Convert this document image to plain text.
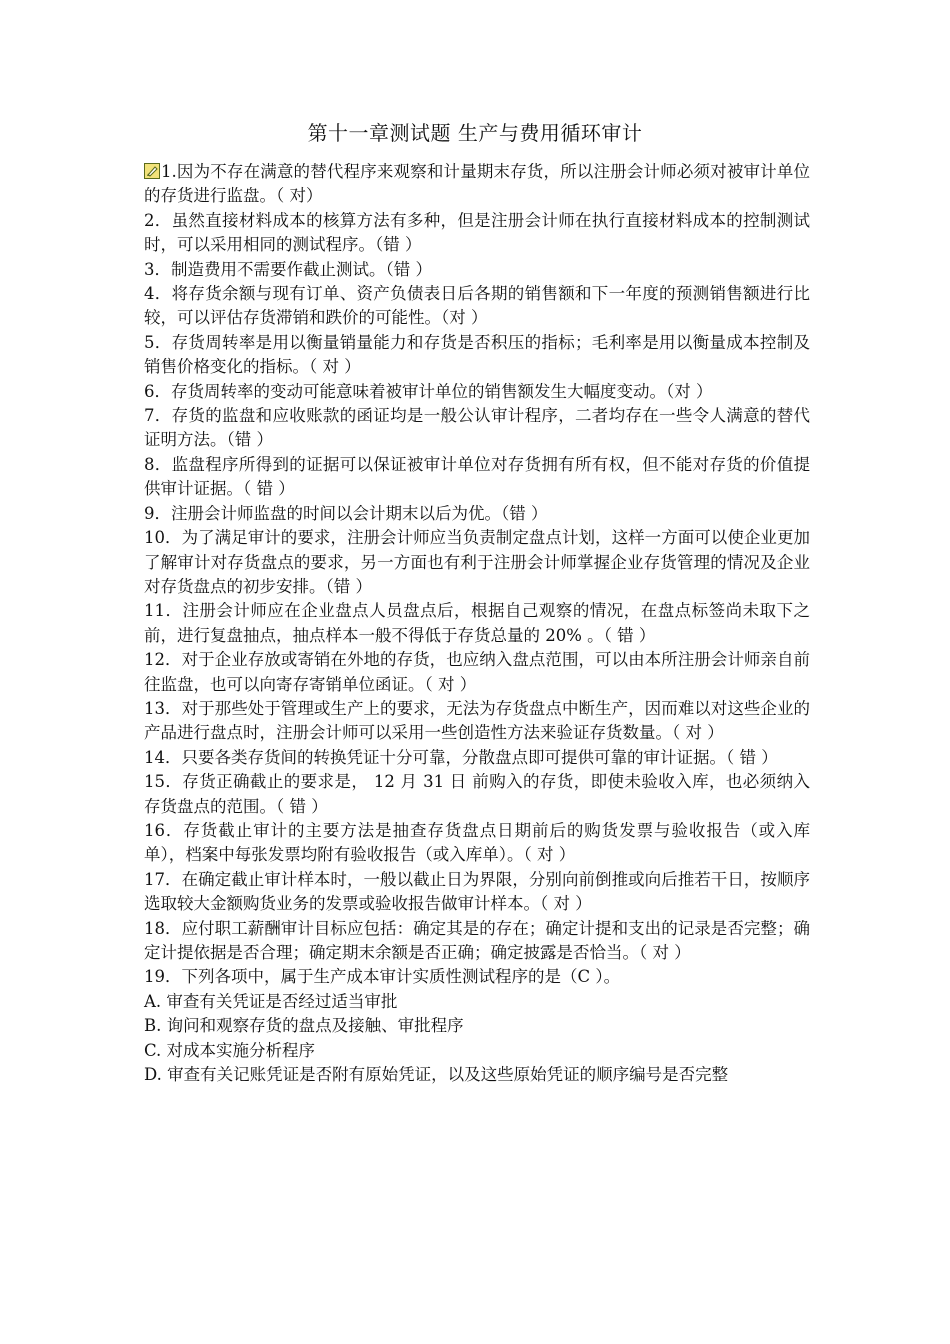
第十一章测试题 生产与费用循环审计

1.因为不存在满意的替代程序来观察和计量期末存货，所以注册会计师必须对被审计单位的存货进行监盘。（ 对）

2．虽然直接材料成本的核算方法有多种，但是注册会计师在执行直接材料成本的控制测试时，可以采用相同的测试程序。（错 ）

3．制造费用不需要作截止测试。（错 ）

4．将存货余额与现有订单、资产负债表日后各期的销售额和下一年度的预测销售额进行比较，可以评估存货滞销和跌价的可能性。（对 ）

5．存货周转率是用以衡量销量能力和存货是否积压的指标；毛利率是用以衡量成本控制及销售价格变化的指标。（ 对 ）

6．存货周转率的变动可能意味着被审计单位的销售额发生大幅度变动。（对 ）

7．存货的监盘和应收账款的函证均是一般公认审计程序，二者均存在一些令人满意的替代证明方法。（错 ）

8．监盘程序所得到的证据可以保证被审计单位对存货拥有所有权，但不能对存货的价值提供审计证据。（ 错 ）

9．注册会计师监盘的时间以会计期末以后为优。（错 ）

10．为了满足审计的要求，注册会计师应当负责制定盘点计划，这样一方面可以使企业更加了解审计对存货盘点的要求，另一方面也有利于注册会计师掌握企业存货管理的情况及企业对存货盘点的初步安排。（错 ）

11．注册会计师应在企业盘点人员盘点后，根据自己观察的情况，在盘点标签尚未取下之前，进行复盘抽点，抽点样本一般不得低于存货总量的 20% 。（ 错 ）

12．对于企业存放或寄销在外地的存货，也应纳入盘点范围，可以由本所注册会计师亲自前往监盘，也可以向寄存寄销单位函证。（ 对 ）

13．对于那些处于管理或生产上的要求，无法为存货盘点中断生产，因而难以对这些企业的产品进行盘点时，注册会计师可以采用一些创造性方法来验证存货数量。（ 对 ）

14．只要各类存货间的转换凭证十分可靠，分散盘点即可提供可靠的审计证据。（ 错 ）

15．存货正确截止的要求是， 12 月 31 日 前购入的存货，即使未验收入库，也必须纳入存货盘点的范围。（ 错 ）

16．存货截止审计的主要方法是抽查存货盘点日期前后的购货发票与验收报告（或入库单），档案中每张发票均附有验收报告（或入库单）。（ 对 ）

17．在确定截止审计样本时，一般以截止日为界限，分别向前倒推或向后推若干日，按顺序选取较大金额购货业务的发票或验收报告做审计样本。（ 对 ）

18．应付职工薪酬审计目标应包括：确定其是的存在；确定计提和支出的记录是否完整；确定计提依据是否合理；确定期末余额是否正确；确定披露是否恰当。（ 对 ）

19．下列各项中，属于生产成本审计实质性测试程序的是（C ）。

A. 审查有关凭证是否经过适当审批

B. 询问和观察存货的盘点及接触、审批程序

C. 对成本实施分析程序

D. 审查有关记账凭证是否附有原始凭证，以及这些原始凭证的顺序编号是否完整
